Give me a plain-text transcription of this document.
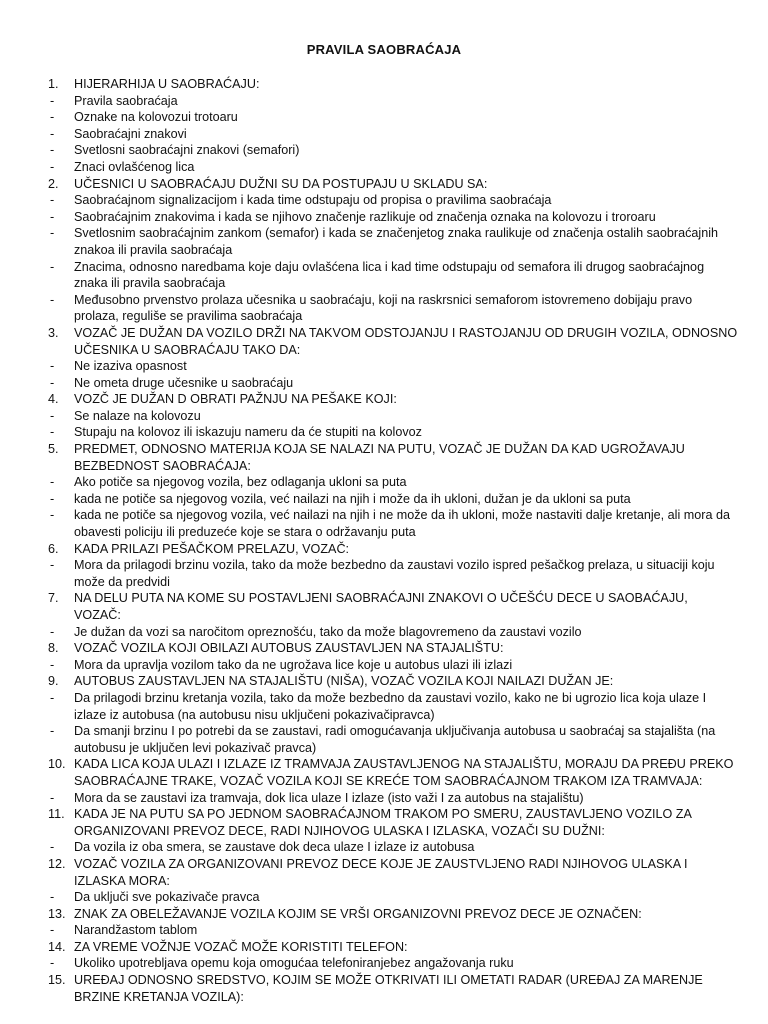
PRAVILA SAOBRAĆAJA
1.	HIJERARHIJA U SAOBRAĆAJU:
- Pravila saobraćaja
- Oznake na kolovozui trotoaru
- Saobraćajni znakovi
- Svetlosni saobraćajni znakovi (semafori)
- Znaci ovlašćenog lica
2.	UČESNICI U SAOBRAĆAJU DUŽNI SU DA POSTUPAJU U SKLADU SA:
- Saobraćajnom signalizacijom i kada time odstupaju od propisa o pravilima saobraćaja
- Saobraćajnim znakovima i kada se njihovo značenje razlikuje od značenja oznaka na kolovozu i troroaru
- Svetlosnim saobraćajnim zankom (semafor) i kada se značenjetog znaka raulikuje od značenja ostalih saobraćajnih znakoa ili pravila saobraćaja
- Znacima, odnosno naredbama koje daju ovlašćena lica i kad time odstupaju od semafora ili drugog saobraćajnog znaka ili pravila saobraćaja
- Međusobno prvenstvo prolaza učesnika u saobraćaju, koji na raskrsnici semaforom istovremeno dobijaju pravo prolaza, reguliše se pravilima saobraćaja
3.	VOZAČ JE DUŽAN DA VOZILO DRŽI NA TAKVOM ODSTOJANJU I RASTOJANJU OD DRUGIH VOZILA, ODNOSNO UČESNIKA U SAOBRAĆAJU TAKO DA:
- Ne izaziva opasnost
- Ne ometa druge učesnike u saobraćaju
4.	VOZČ JE DUŽAN D OBRATI PAŽNJU NA PEŠAKE KOJI:
- Se nalaze na kolovozu
- Stupaju na kolovoz ili iskazuju nameru da će stupiti na kolovoz
5.	PREDMET, ODNOSNO MATERIJA KOJA SE NALAZI NA PUTU, VOZAČ JE DUŽAN DA KAD UGROŽAVAJU BEZBEDNOST SAOBRAĆAJA:
- Ako potiče sa njegovog vozila, bez odlaganja ukloni sa puta
- kada ne potiče sa njegovog vozila, već nailazi na njih i može da ih ukloni, dužan je da ukloni sa puta
- kada ne potiče sa njegovog vozila, već nailazi na njih i ne može da ih ukloni, može nastaviti dalje kretanje, ali mora da obavesti policiju ili preduzeće koje se stara o održavanju puta
6.	KADA PRILAZI PEŠAČKOM PRELAZU, VOZAČ:
- Mora da prilagodi brzinu vozila, tako da može bezbedno da zaustavi vozilo ispred pešačkog prelaza, u situaciji koju može da predvidi
7.	NA DELU PUTA NA KOME SU POSTAVLJENI SAOBRAĆAJNI ZNAKOVI O UČEŠĆU DECE U SAOBAĆAJU, VOZAČ:
- Je dužan da vozi sa naročitom opreznošću, tako da može blagovremeno da zaustavi vozilo
8.	VOZAČ VOZILA KOJI OBILAZI AUTOBUS ZAUSTAVLJEN NA STAJALIŠTU:
- Mora da upravlja vozilom tako da ne ugrožava lice koje u autobus ulazi ili izlazi
9.	AUTOBUS ZAUSTAVLJEN NA STAJALIŠTU (NIŠA), VOZAČ VOZILA KOJI NAILAZI DUŽAN JE:
- Da prilagodi brzinu kretanja vozila, tako da može bezbedno da zaustavi vozilo, kako ne bi ugrozio lica koja ulaze I izlaze iz autobusa (na autobusu nisu uključeni pokazivačipravca)
- Da smanji brzinu I po potrebi da se zaustavi, radi omogućavanja uključivanja autobusa u saobraćaj sa stajališta (na autobusu je uključen levi pokazivač pravca)
10. KADA LICA KOJA ULAZI I IZLAZE IZ TRAMVAJA ZAUSTAVLJENOG NA STAJALIŠTU, MORAJU DA PREĐU PREKO SAOBRAĆAJNE TRAKE, VOZAČ VOZILA KOJI SE KREĆE TOM SAOBRAĆAJNOM TRAKOM IZA TRAMVAJA:
- Mora da se zaustavi iza tramvaja, dok lica ulaze I izlaze (isto važi I za autobus na stajalištu)
11. KADA JE NA PUTU SA PO JEDNOM SAOBRAĆAJNOM TRAKOM PO SMERU, ZAUSTAVLJENO VOZILO ZA ORGANIZOVANI PREVOZ DECE, RADI NJIHOVOG ULASKA I IZLASKA, VOZAČI SU DUŽNI:
- Da vozila iz oba smera, se zaustave dok deca ulaze I izlaze iz autobusa
12. VOZAČ VOZILA ZA ORGANIZOVANI PREVOZ DECE KOJE JE ZAUSTVLJENO RADI NJIHOVOG ULASKA I IZLASKA MORA:
- Da uključi sve pokazivače pravca
13. ZNAK ZA OBELEŽAVANJE VOZILA KOJIM SE VRŠI ORGANIZOVNI PREVOZ DECE JE OZNAČEN:
- Narandžastom tablom
14. ZA VREME VOŽNJE VOZAČ MOŽE KORISTITI TELEFON:
- Ukoliko upotrebljava opemu koja omogućaa telefoniranjebez angažovanja ruku
15. UREĐAJ ODNOSNO SREDSTVO, KOJIM SE MOŽE OTKRIVATI ILI OMETATI RADAR (UREĐAJ ZA MARENJE BRZINE KRETANJA VOZILA):
